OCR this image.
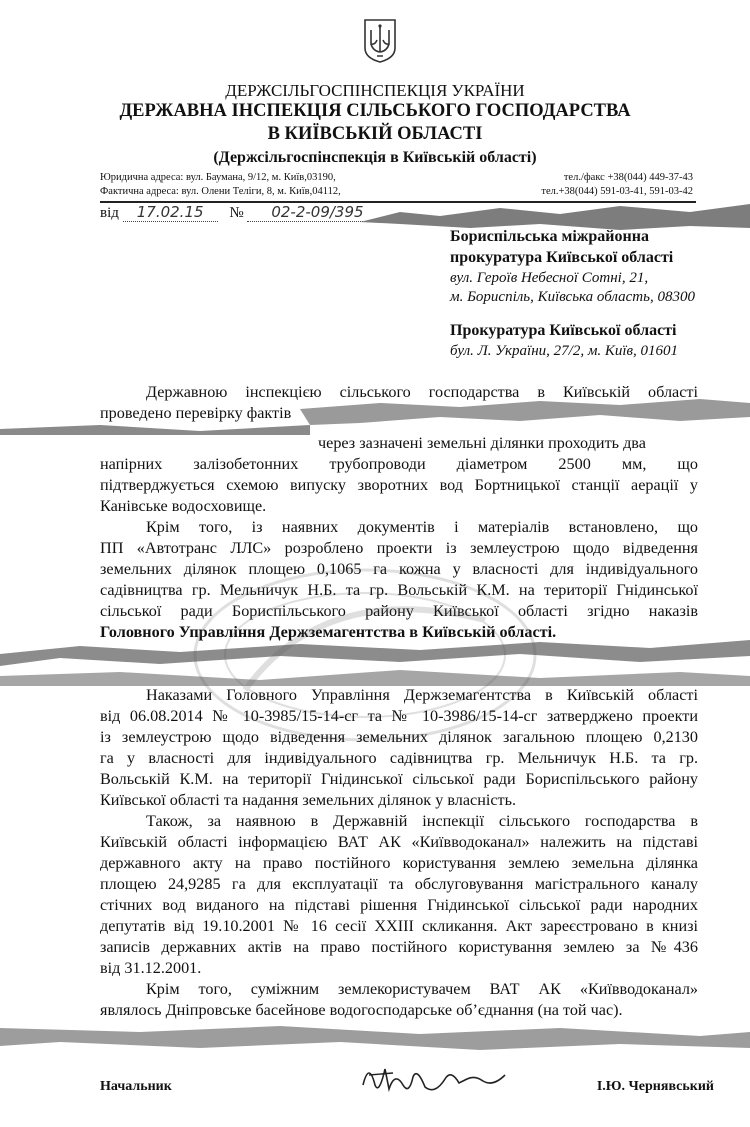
ДЕРЖСІЛЬГОСПІНСПЕКЦІЯ УКРАЇНИ
ДЕРЖАВНА ІНСПЕКЦІЯ СІЛЬСЬКОГО ГОСПОДАРСТВА
В КИЇВСЬКІЙ ОБЛАСТІ
(Держсільгоспінспекція в Київській області)
Юридична адреса: вул. Баумана, 9/12, м. Київ,03190,
Фактична адреса: вул. Олени Теліги, 8, м. Київ,04112,
тел./факс +38(044) 449-37-43
тел.+38(044) 591-03-41, 591-03-42
від 17.02.15 № 02-2-09/395
Бориспільська міжрайонна
прокуратура Київської області
вул. Героїв Небесної Сотні, 21,
м. Бориспіль, Київська область, 08300
Прокуратура Київської області
бул. Л. України, 27/2, м. Київ, 01601

Державною інспекцією сільського господарства в Київській області

проведено перевірку фактів

через зазначені земельні ділянки проходить два

напірних залізобетонних трубопроводи діаметром 2500 мм, що

підтверджується схемою випуску зворотних вод Бортницької станції аерації у

Канівське водосховище.

Крім того, із наявних документів і матеріалів встановлено, що

ПП «Автотранс ЛЛС» розроблено проекти із землеустрою щодо відведення

земельних ділянок площею 0,1065 га кожна у власності для індивідуального

садівництва гр. Мельничук Н.Б. та гр. Вольській К.М. на території Гнідинської

сільської ради Бориспільського району Київської області згідно наказів

Головного Управління Держземагентства в Київській області.

Наказами Головного Управління Держземагентства в Київській області

від 06.08.2014 № 10-3985/15-14-сг та № 10-3986/15-14-сг затверджено проекти

із землеустрою щодо відведення земельних ділянок загальною площею 0,2130

га у власності для індивідуального садівництва гр. Мельничук Н.Б. та гр.

Вольській К.М. на території Гнідинської сільської ради Бориспільського району

Київської області та надання земельних ділянок у власність.

Також, за наявною в Державній інспекції сільського господарства в

Київській області інформацією ВАТ АК «Київводоканал» належить на підставі

державного акту на право постійного користування землею земельна ділянка

площею 24,9285 га для експлуатації та обслуговування магістрального каналу

стічних вод виданого на підставі рішення Гнідинської сільської ради народних

депутатів від 19.10.2001 № 16 сесії XXIII скликання. Акт зареєстровано в книзі

записів державних актів на право постійного користування землею за №436

від 31.12.2001.

Крім того, суміжним землекористувачем ВАТ АК «Київводоканал»

являлось Дніпровське басейнове водогосподарське об’єднання (на той час).

Начальник	І.Ю. Чернявський
